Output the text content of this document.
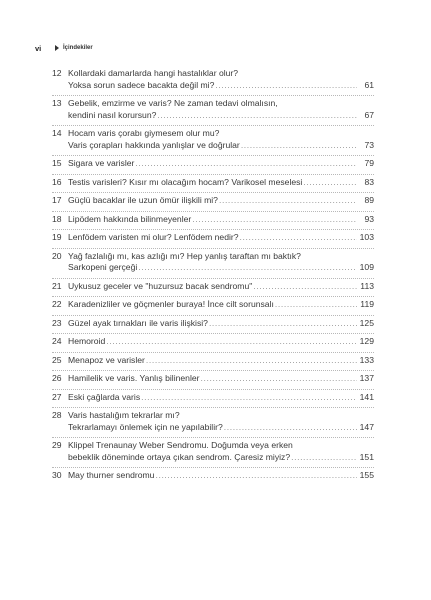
vi	İçindekiler
12 Kollardaki damarlarda hangi hastalıklar olur?
Yoksa sorun sadece bacakta değil mi? .....	61
13 Gebelik, emzirme ve varis? Ne zaman tedavi olmalısın,
kendini nasıl korursun? .....	67
14 Hocam varis çorabı giymesem olur mu?
Varis çorapları hakkında yanlışlar ve doğrular .....	73
15 Sigara ve varisler .....	79
16 Testis varisleri? Kısır mı olacağım hocam? Varikosel meselesi .....	83
17 Güçlü bacaklar ile uzun ömür ilişkili mi? .....	89
18 Lipödem hakkında bilinmeyenler .....	93
19 Lenfödem varisten mi olur? Lenfödem nedir? .....	103
20 Yağ fazlalığı mı, kas azlığı mı? Hep yanlış taraftan mı baktık?
Sarkopeni gerçeği .....	109
21 Uykusuz geceler ve "huzursuz bacak sendromu" .....	113
22 Karadenizliler ve göçmenler buraya! İnce cilt sorunsalı .....	119
23 Güzel ayak tırnakları ile varis ilişkisi? .....	125
24 Hemoroid .....	129
25 Menapoz ve varisler .....	133
26 Hamilelik ve varis. Yanlış bilinenler .....	137
27 Eski çağlarda varis .....	141
28 Varis hastalığım tekrarlar mı?
Tekrarlamayı önlemek için ne yapılabilir? .....	147
29 Klippel Trenaunay Weber Sendromu. Doğumda veya erken
bebeklik döneminde ortaya çıkan sendrom. Çaresiz miyiz? .....	151
30 May thurner sendromu .....	155
